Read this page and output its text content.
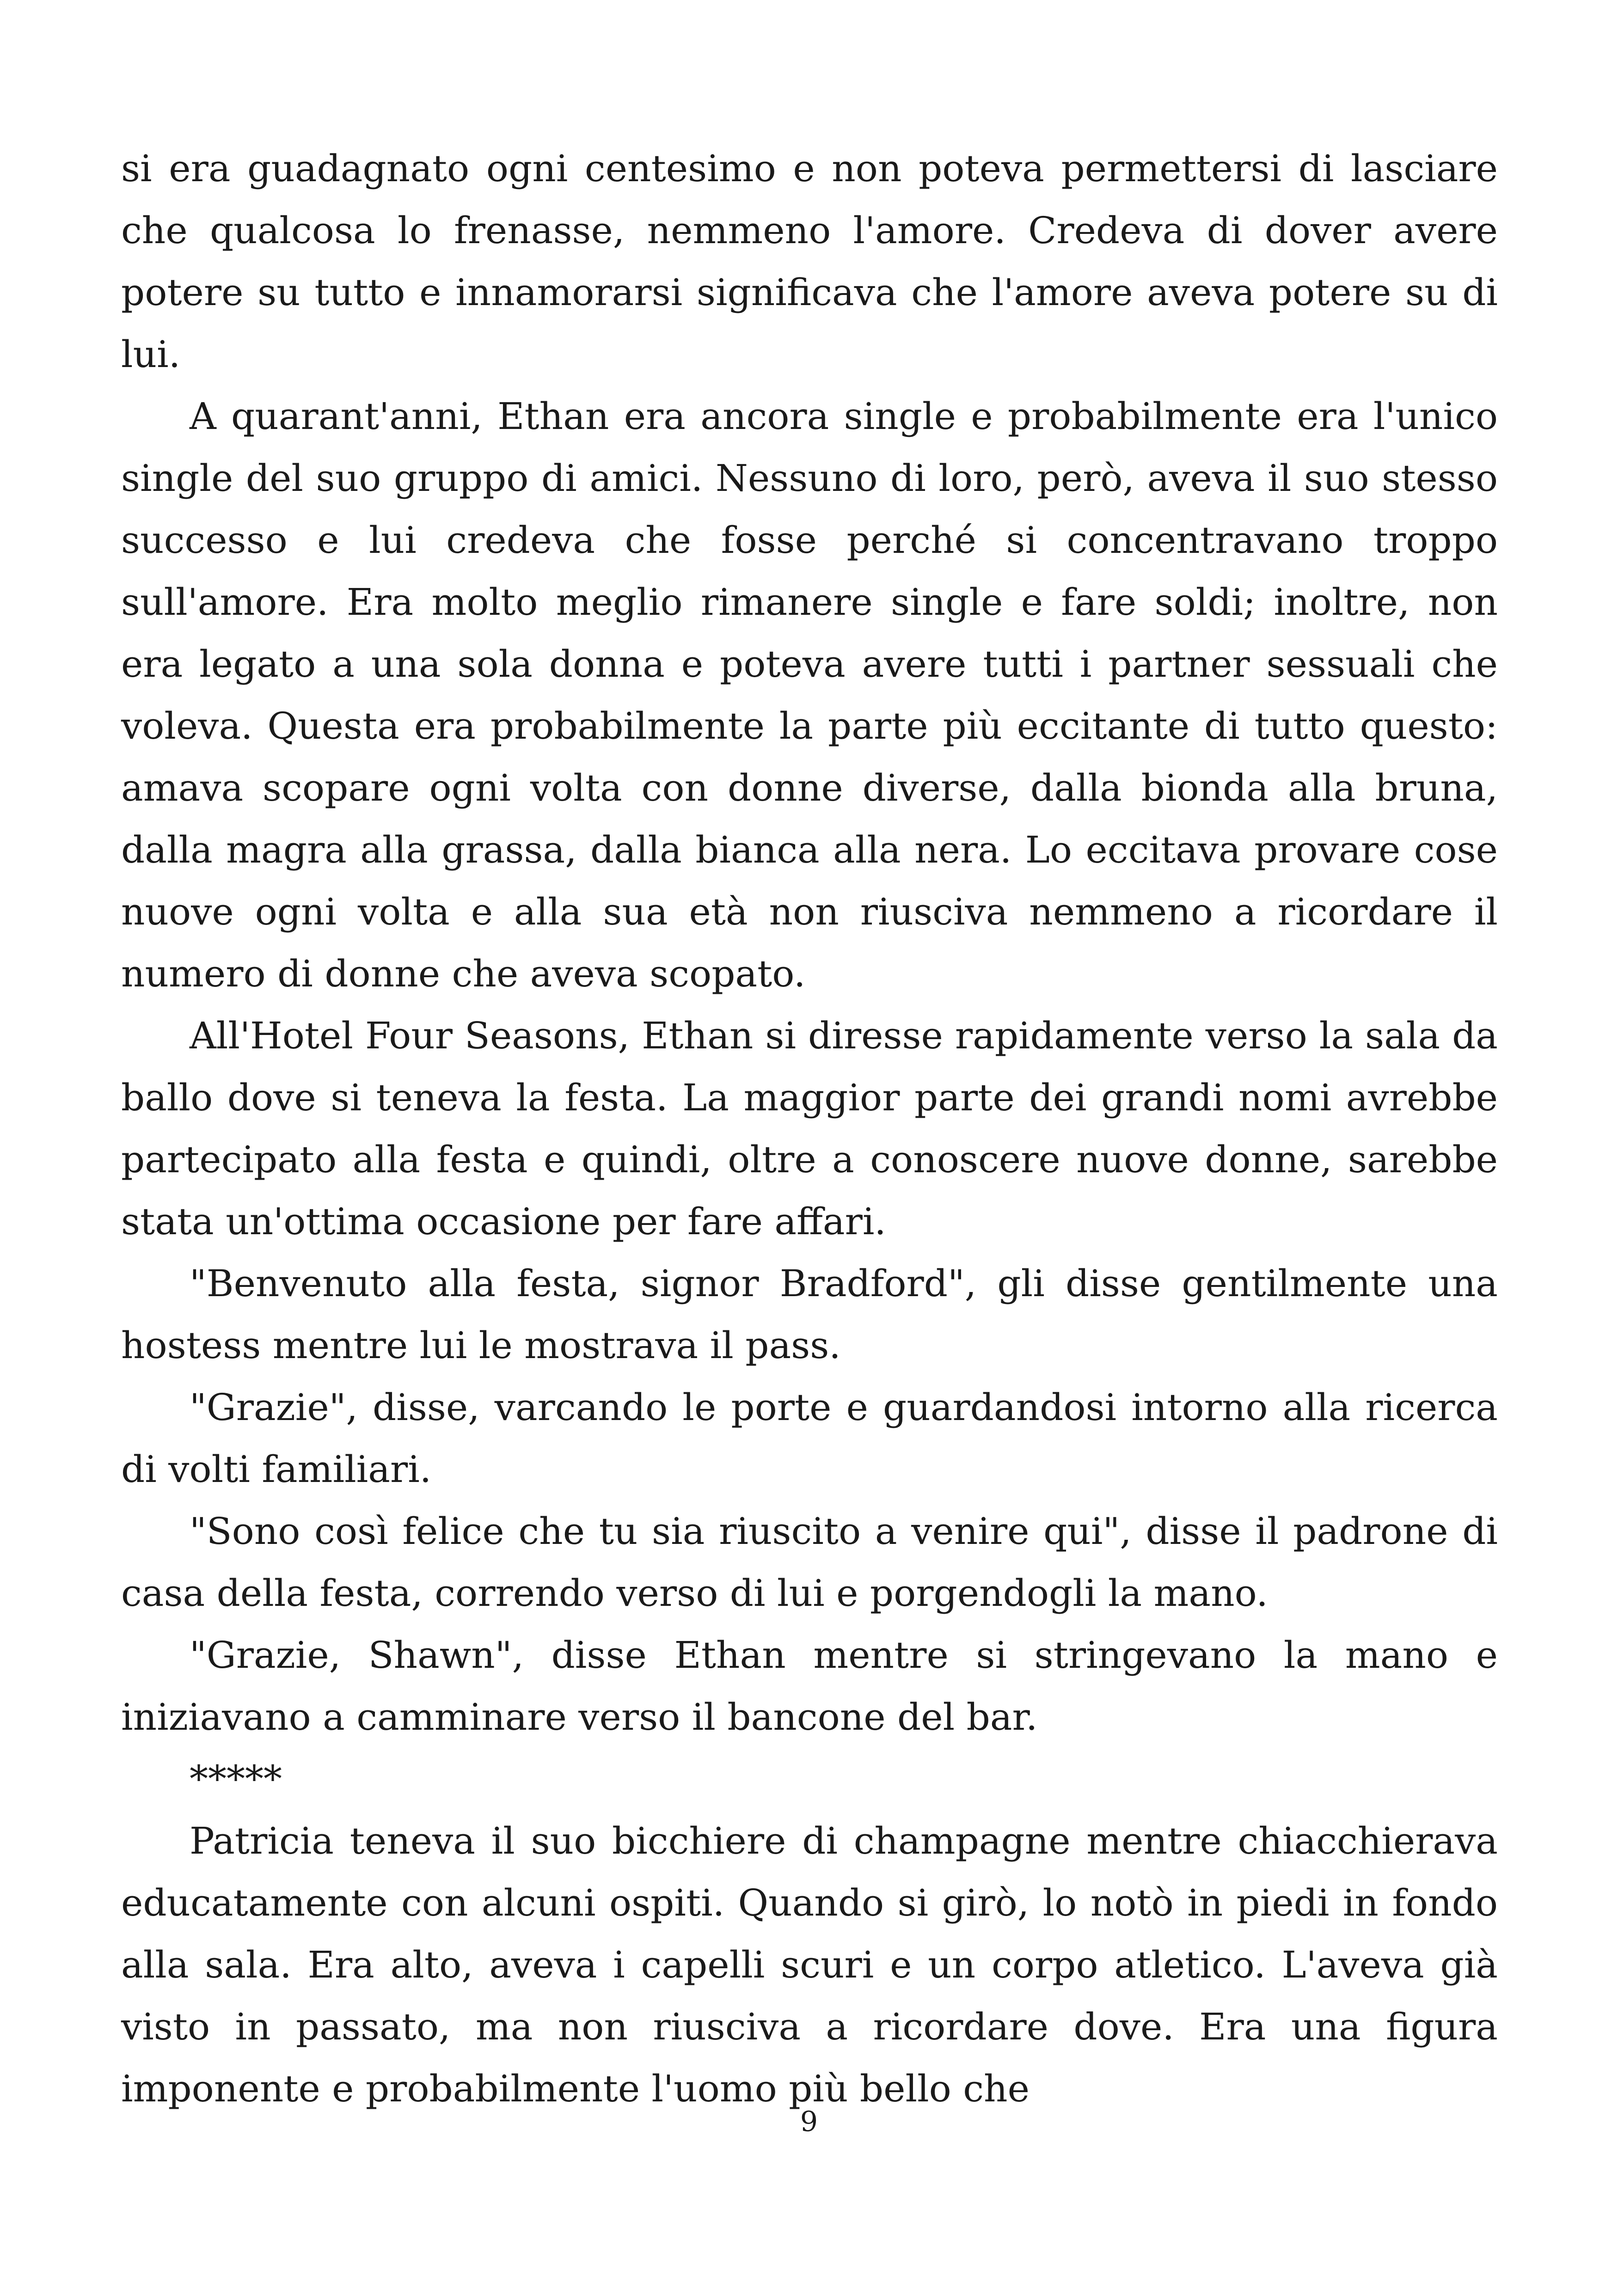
si era guadagnato ogni centesimo e non poteva permettersi di lasciare che qualcosa lo frenasse, nemmeno l'amore. Credeva di dover avere potere su tutto e innamorarsi significava che l'amore aveva potere su di lui.

A quarant'anni, Ethan era ancora single e probabilmente era l'unico single del suo gruppo di amici. Nessuno di loro, però, aveva il suo stesso successo e lui credeva che fosse perché si concentravano troppo sull'amore. Era molto meglio rimanere single e fare soldi; inoltre, non era legato a una sola donna e poteva avere tutti i partner sessuali che voleva. Questa era probabilmente la parte più eccitante di tutto questo: amava scopare ogni volta con donne diverse, dalla bionda alla bruna, dalla magra alla grassa, dalla bianca alla nera. Lo eccitava provare cose nuove ogni volta e alla sua età non riusciva nemmeno a ricordare il numero di donne che aveva scopato.

All'Hotel Four Seasons, Ethan si diresse rapidamente verso la sala da ballo dove si teneva la festa. La maggior parte dei grandi nomi avrebbe partecipato alla festa e quindi, oltre a conoscere nuove donne, sarebbe stata un'ottima occasione per fare affari.

"Benvenuto alla festa, signor Bradford", gli disse gentilmente una hostess mentre lui le mostrava il pass.

"Grazie", disse, varcando le porte e guardandosi intorno alla ricerca di volti familiari.

"Sono così felice che tu sia riuscito a venire qui", disse il padrone di casa della festa, correndo verso di lui e porgendogli la mano.

"Grazie, Shawn", disse Ethan mentre si stringevano la mano e iniziavano a camminare verso il bancone del bar.

*****

Patricia teneva il suo bicchiere di champagne mentre chiacchierava educatamente con alcuni ospiti. Quando si girò, lo notò in piedi in fondo alla sala. Era alto, aveva i capelli scuri e un corpo atletico. L'aveva già visto in passato, ma non riusciva a ricordare dove. Era una figura imponente e probabilmente l'uomo più bello che

9
